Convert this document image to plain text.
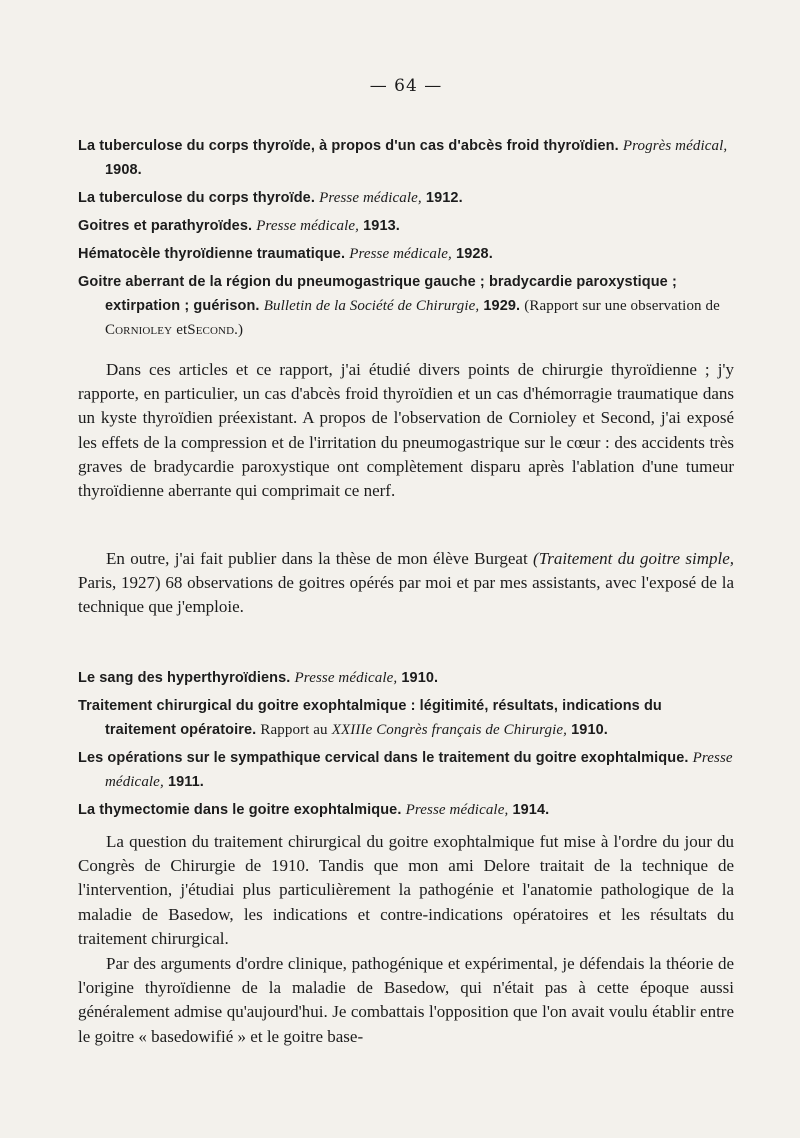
— 64 —

La tuberculose du corps thyroïde, à propos d'un cas d'abcès froid thyroïdien. Progrès médical, 1908.

La tuberculose du corps thyroïde. Presse médicale, 1912.

Goitres et parathyroïdes. Presse médicale, 1913.

Hématocèle thyroïdienne traumatique. Presse médicale, 1928.

Goitre aberrant de la région du pneumogastrique gauche ; bradycardie paroxystique ; extirpation ; guérison. Bulletin de la Société de Chirurgie, 1929. (Rapport sur une observation de Cornioley etSecond.)

Dans ces articles et ce rapport, j'ai étudié divers points de chirurgie thyroïdienne ; j'y rapporte, en particulier, un cas d'abcès froid thyroïdien et un cas d'hémorragie traumatique dans un kyste thyroïdien préexistant. A propos de l'observation de Cornioley et Second, j'ai exposé les effets de la compression et de l'irritation du pneumogastrique sur le cœur : des accidents très graves de bradycardie paroxystique ont complètement disparu après l'ablation d'une tumeur thyroïdienne aberrante qui comprimait ce nerf.

En outre, j'ai fait publier dans la thèse de mon élève Burgeat (Traitement du goitre simple, Paris, 1927) 68 observations de goitres opérés par moi et par mes assistants, avec l'exposé de la technique que j'emploie.

Le sang des hyperthyroïdiens. Presse médicale, 1910.

Traitement chirurgical du goitre exophtalmique : légitimité, résultats, indications du traitement opératoire. Rapport au XXIIIe Congrès français de Chirurgie, 1910.

Les opérations sur le sympathique cervical dans le traitement du goitre exophtalmique. Presse médicale, 1911.

La thymectomie dans le goitre exophtalmique. Presse médicale, 1914.

La question du traitement chirurgical du goitre exophtalmique fut mise à l'ordre du jour du Congrès de Chirurgie de 1910. Tandis que mon ami Delore traitait de la technique de l'intervention, j'étudiai plus particulièrement la pathogénie et l'anatomie pathologique de la maladie de Basedow, les indications et contre-indications opératoires et les résultats du traitement chirurgical.

Par des arguments d'ordre clinique, pathogénique et expérimental, je défendais la théorie de l'origine thyroïdienne de la maladie de Basedow, qui n'était pas à cette époque aussi généralement admise qu'aujourd'hui. Je combattais l'opposition que l'on avait voulu établir entre le goitre « basedowifié » et le goitre base-
